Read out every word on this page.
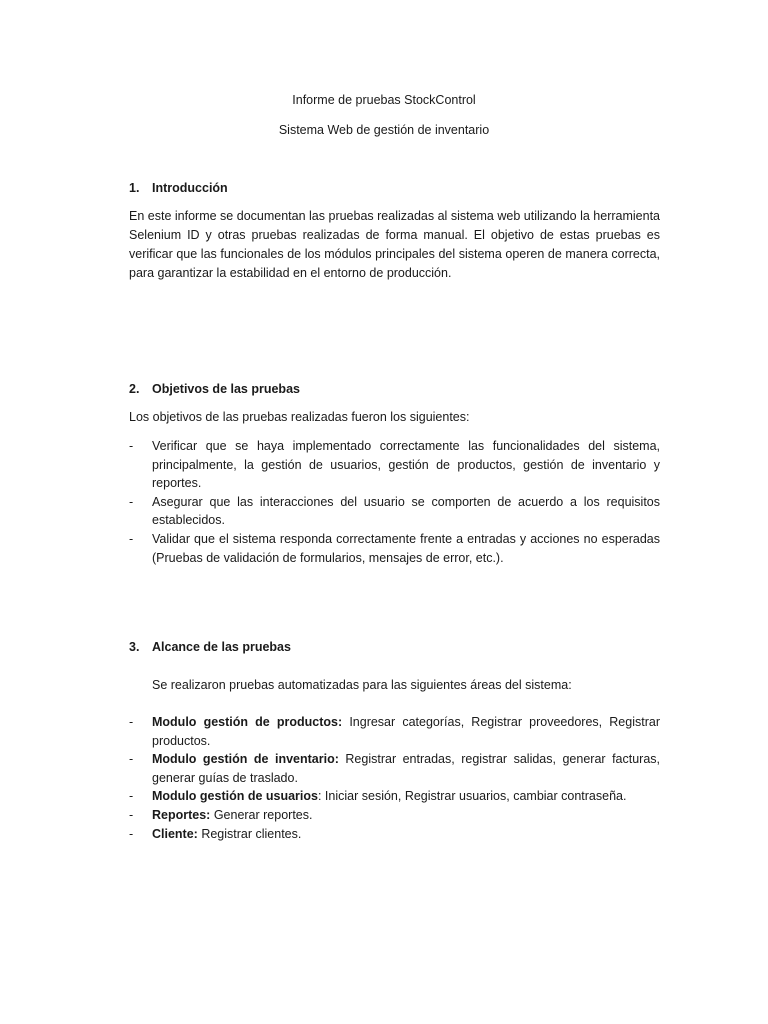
Informe de pruebas StockControl
Sistema Web de gestión de inventario
1. Introducción

En este informe se documentan las pruebas realizadas al sistema web utilizando la herramienta Selenium ID y otras pruebas realizadas de forma manual. El objetivo de estas pruebas es verificar que las funcionales de los módulos principales del sistema operen de manera correcta, para garantizar la estabilidad en el entorno de producción.

2. Objetivos de las pruebas

Los objetivos de las pruebas realizadas fueron los siguientes:

- Verificar que se haya implementado correctamente las funcionalidades del sistema, principalmente, la gestión de usuarios, gestión de productos, gestión de inventario y reportes.
- Asegurar que las interacciones del usuario se comporten de acuerdo a los requisitos establecidos.
- Validar que el sistema responda correctamente frente a entradas y acciones no esperadas (Pruebas de validación de formularios, mensajes de error, etc.).
3. Alcance de las pruebas

Se realizaron pruebas automatizadas para las siguientes áreas del sistema:

- Modulo gestión de productos: Ingresar categorías, Registrar proveedores, Registrar productos.
- Modulo gestión de inventario: Registrar entradas, registrar salidas, generar facturas, generar guías de traslado.
- Modulo gestión de usuarios: Iniciar sesión, Registrar usuarios, cambiar contraseña.
- Reportes: Generar reportes.
- Cliente: Registrar clientes.
